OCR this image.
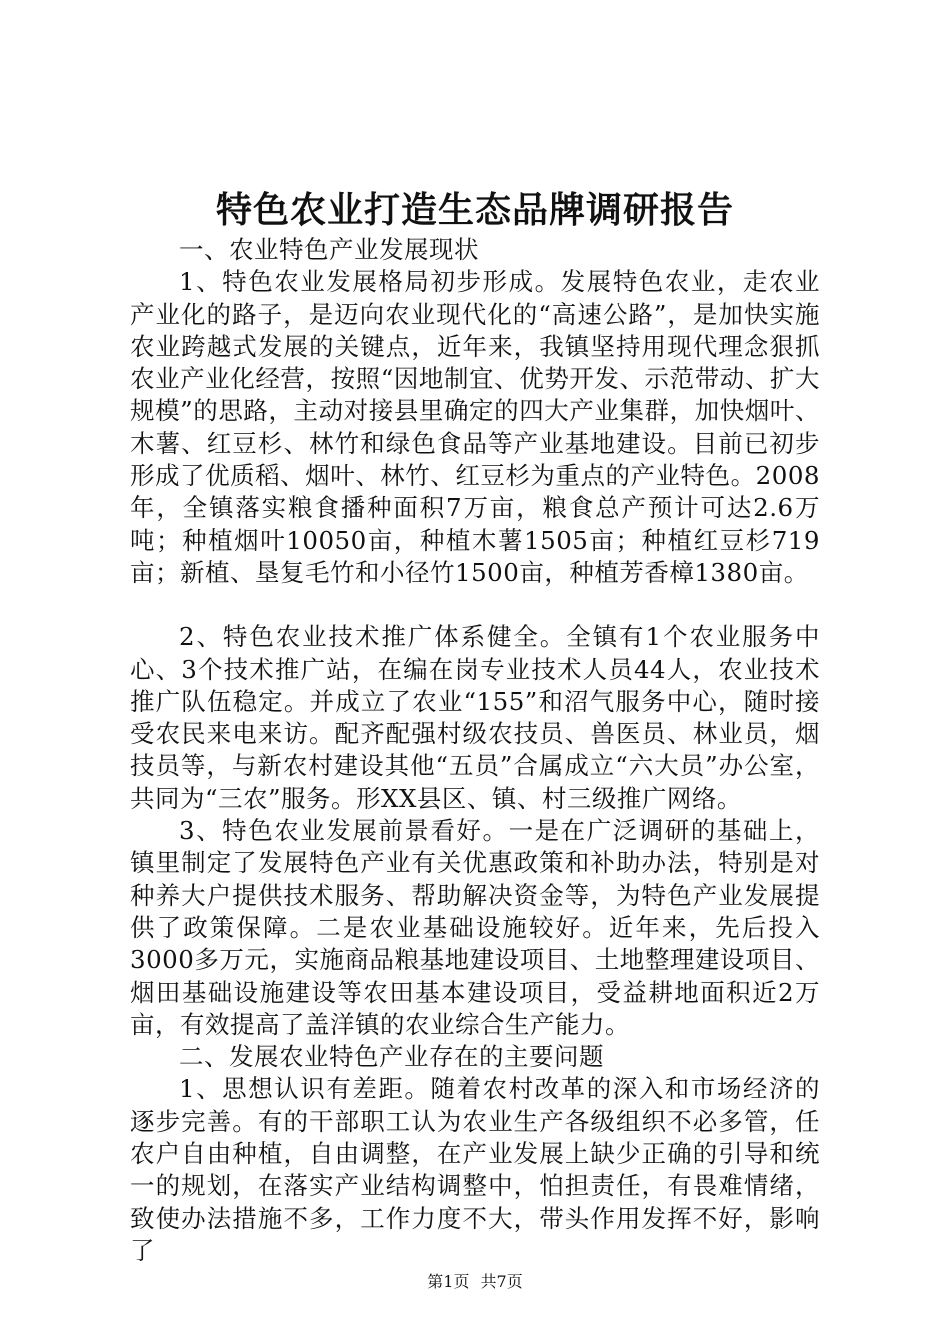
特色农业打造生态品牌调研报告

一、农业特色产业发展现状

1、特色农业发展格局初步形成。发展特色农业，走农业产业化的路子，是迈向农业现代化的“高速公路”，是加快实施农业跨越式发展的关键点，近年来，我镇坚持用现代理念狠抓农业产业化经营，按照“因地制宜、优势开发、示范带动、扩大规模”的思路，主动对接县里确定的四大产业集群，加快烟叶、木薯、红豆杉、林竹和绿色食品等产业基地建设。目前已初步形成了优质稻、烟叶、林竹、红豆杉为重点的产业特色。2008年，全镇落实粮食播种面积7万亩，粮食总产预计可达2.6万吨；种植烟叶10050亩，种植木薯1505亩；种植红豆杉719亩；新植、垦复毛竹和小径竹1500亩，种植芳香樟1380亩。

2、特色农业技术推广体系健全。全镇有1个农业服务中心、3个技术推广站，在编在岗专业技术人员44人，农业技术推广队伍稳定。并成立了农业“155”和沼气服务中心，随时接受农民来电来访。配齐配强村级农技员、兽医员、林业员，烟技员等，与新农村建设其他“五员”合属成立“六大员”办公室，共同为“三农”服务。形XX县区、镇、村三级推广网络。

3、特色农业发展前景看好。一是在广泛调研的基础上，镇里制定了发展特色产业有关优惠政策和补助办法，特别是对种养大户提供技术服务、帮助解决资金等，为特色产业发展提供了政策保障。二是农业基础设施较好。近年来，先后投入3000多万元，实施商品粮基地建设项目、土地整理建设项目、烟田基础设施建设等农田基本建设项目，受益耕地面积近2万亩，有效提高了盖洋镇的农业综合生产能力。

二、发展农业特色产业存在的主要问题

1、思想认识有差距。随着农村改革的深入和市场经济的逐步完善。有的干部职工认为农业生产各级组织不必多管，任农户自由种植，自由调整，在产业发展上缺少正确的引导和统一的规划，在落实产业结构调整中，怕担责任，有畏难情绪，致使办法措施不多，工作力度不大，带头作用发挥不好，影响了

第1页 共7页
